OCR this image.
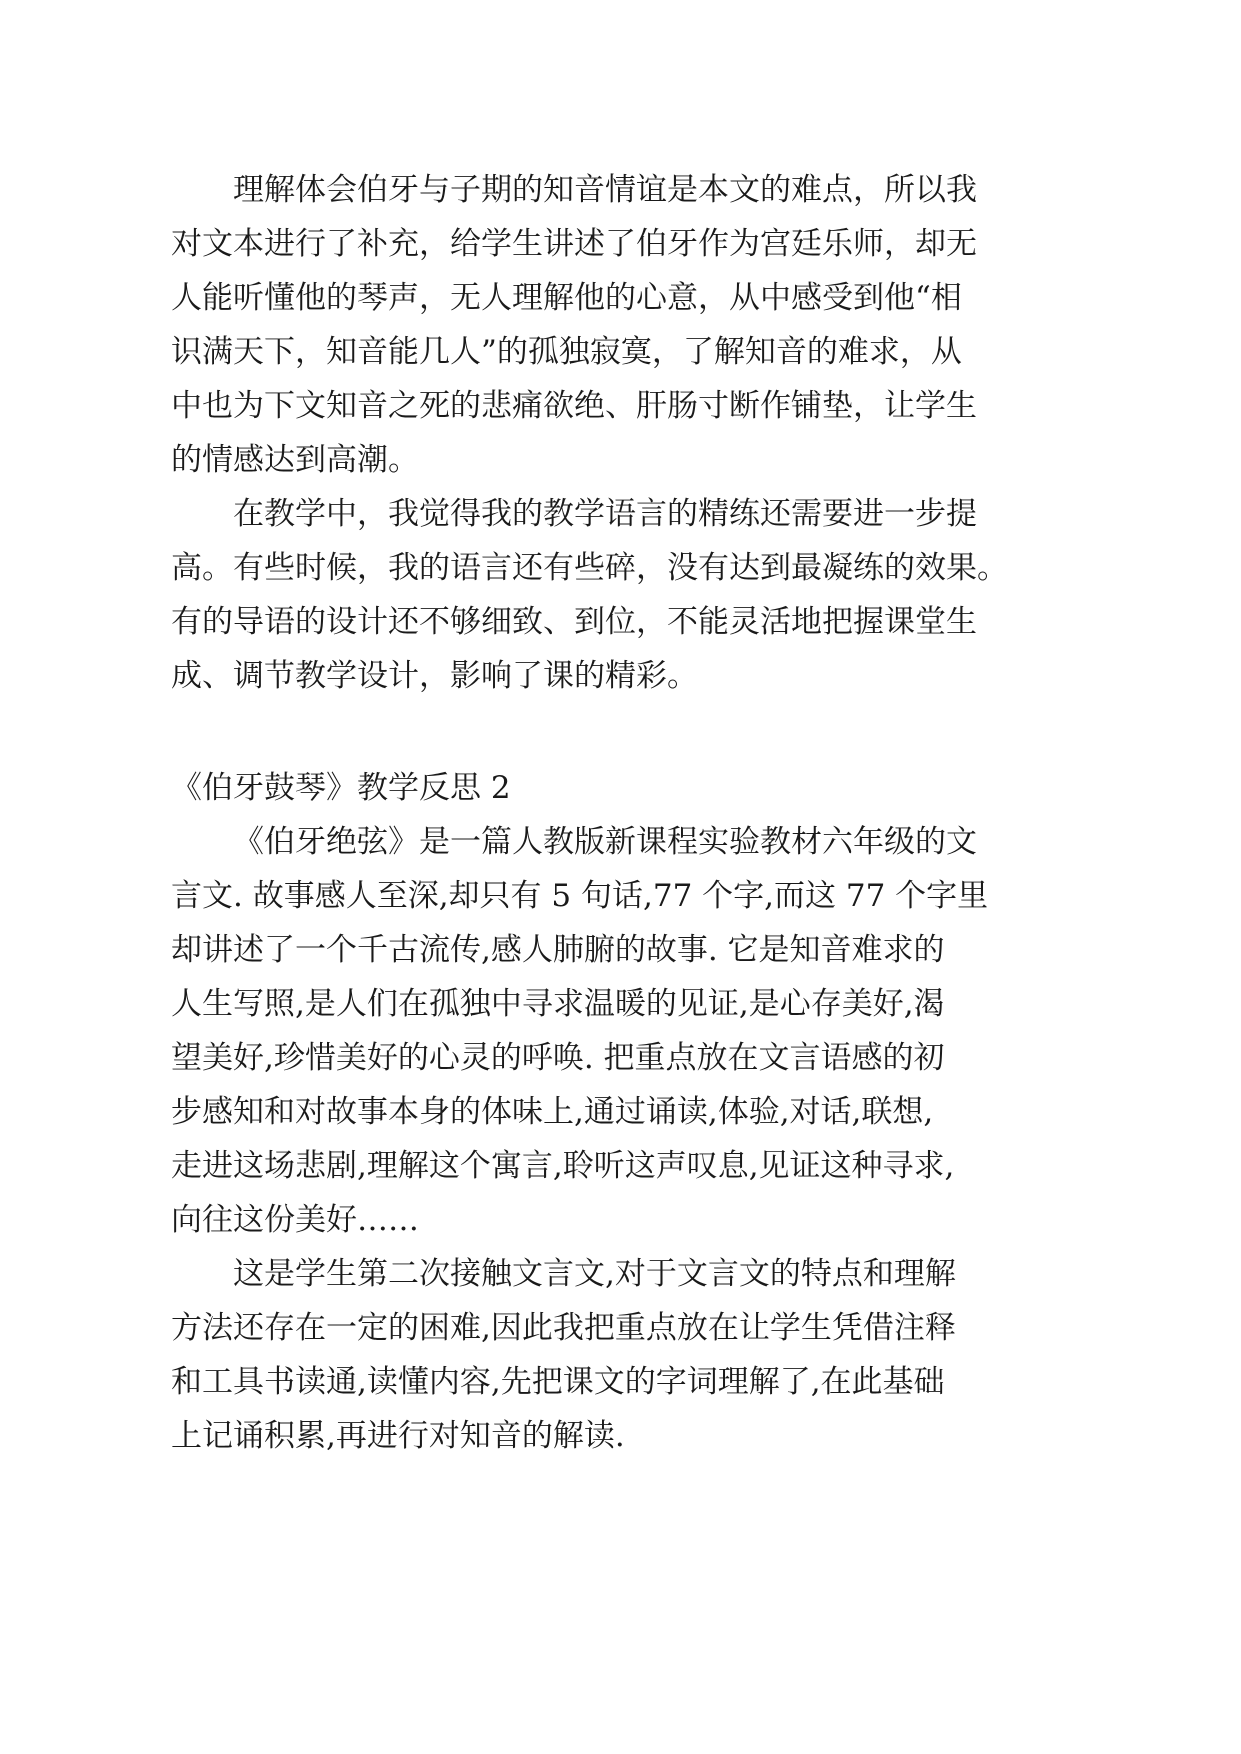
理解体会伯牙与子期的知音情谊是本文的难点，所以我

对文本进行了补充，给学生讲述了伯牙作为宫廷乐师，却无

人能听懂他的琴声，无人理解他的心意，从中感受到他“相

识满天下，知音能几人”的孤独寂寞，了解知音的难求，从

中也为下文知音之死的悲痛欲绝、肝肠寸断作铺垫，让学生

的情感达到高潮。

在教学中，我觉得我的教学语言的精练还需要进一步提

高。有些时候，我的语言还有些碎，没有达到最凝练的效果。

有的导语的设计还不够细致、到位，不能灵活地把握课堂生

成、调节教学设计，影响了课的精彩。

《伯牙鼓琴》教学反思 2

《伯牙绝弦》是一篇人教版新课程实验教材六年级的文

言文. 故事感人至深,却只有 5 句话,77 个字,而这 77 个字里

却讲述了一个千古流传,感人肺腑的故事. 它是知音难求的

人生写照,是人们在孤独中寻求温暖的见证,是心存美好,渴

望美好,珍惜美好的心灵的呼唤. 把重点放在文言语感的初

步感知和对故事本身的体味上,通过诵读,体验,对话,联想,

走进这场悲剧,理解这个寓言,聆听这声叹息,见证这种寻求,

向往这份美好……

这是学生第二次接触文言文,对于文言文的特点和理解

方法还存在一定的困难,因此我把重点放在让学生凭借注释

和工具书读通,读懂内容,先把课文的字词理解了,在此基础

上记诵积累,再进行对知音的解读.
